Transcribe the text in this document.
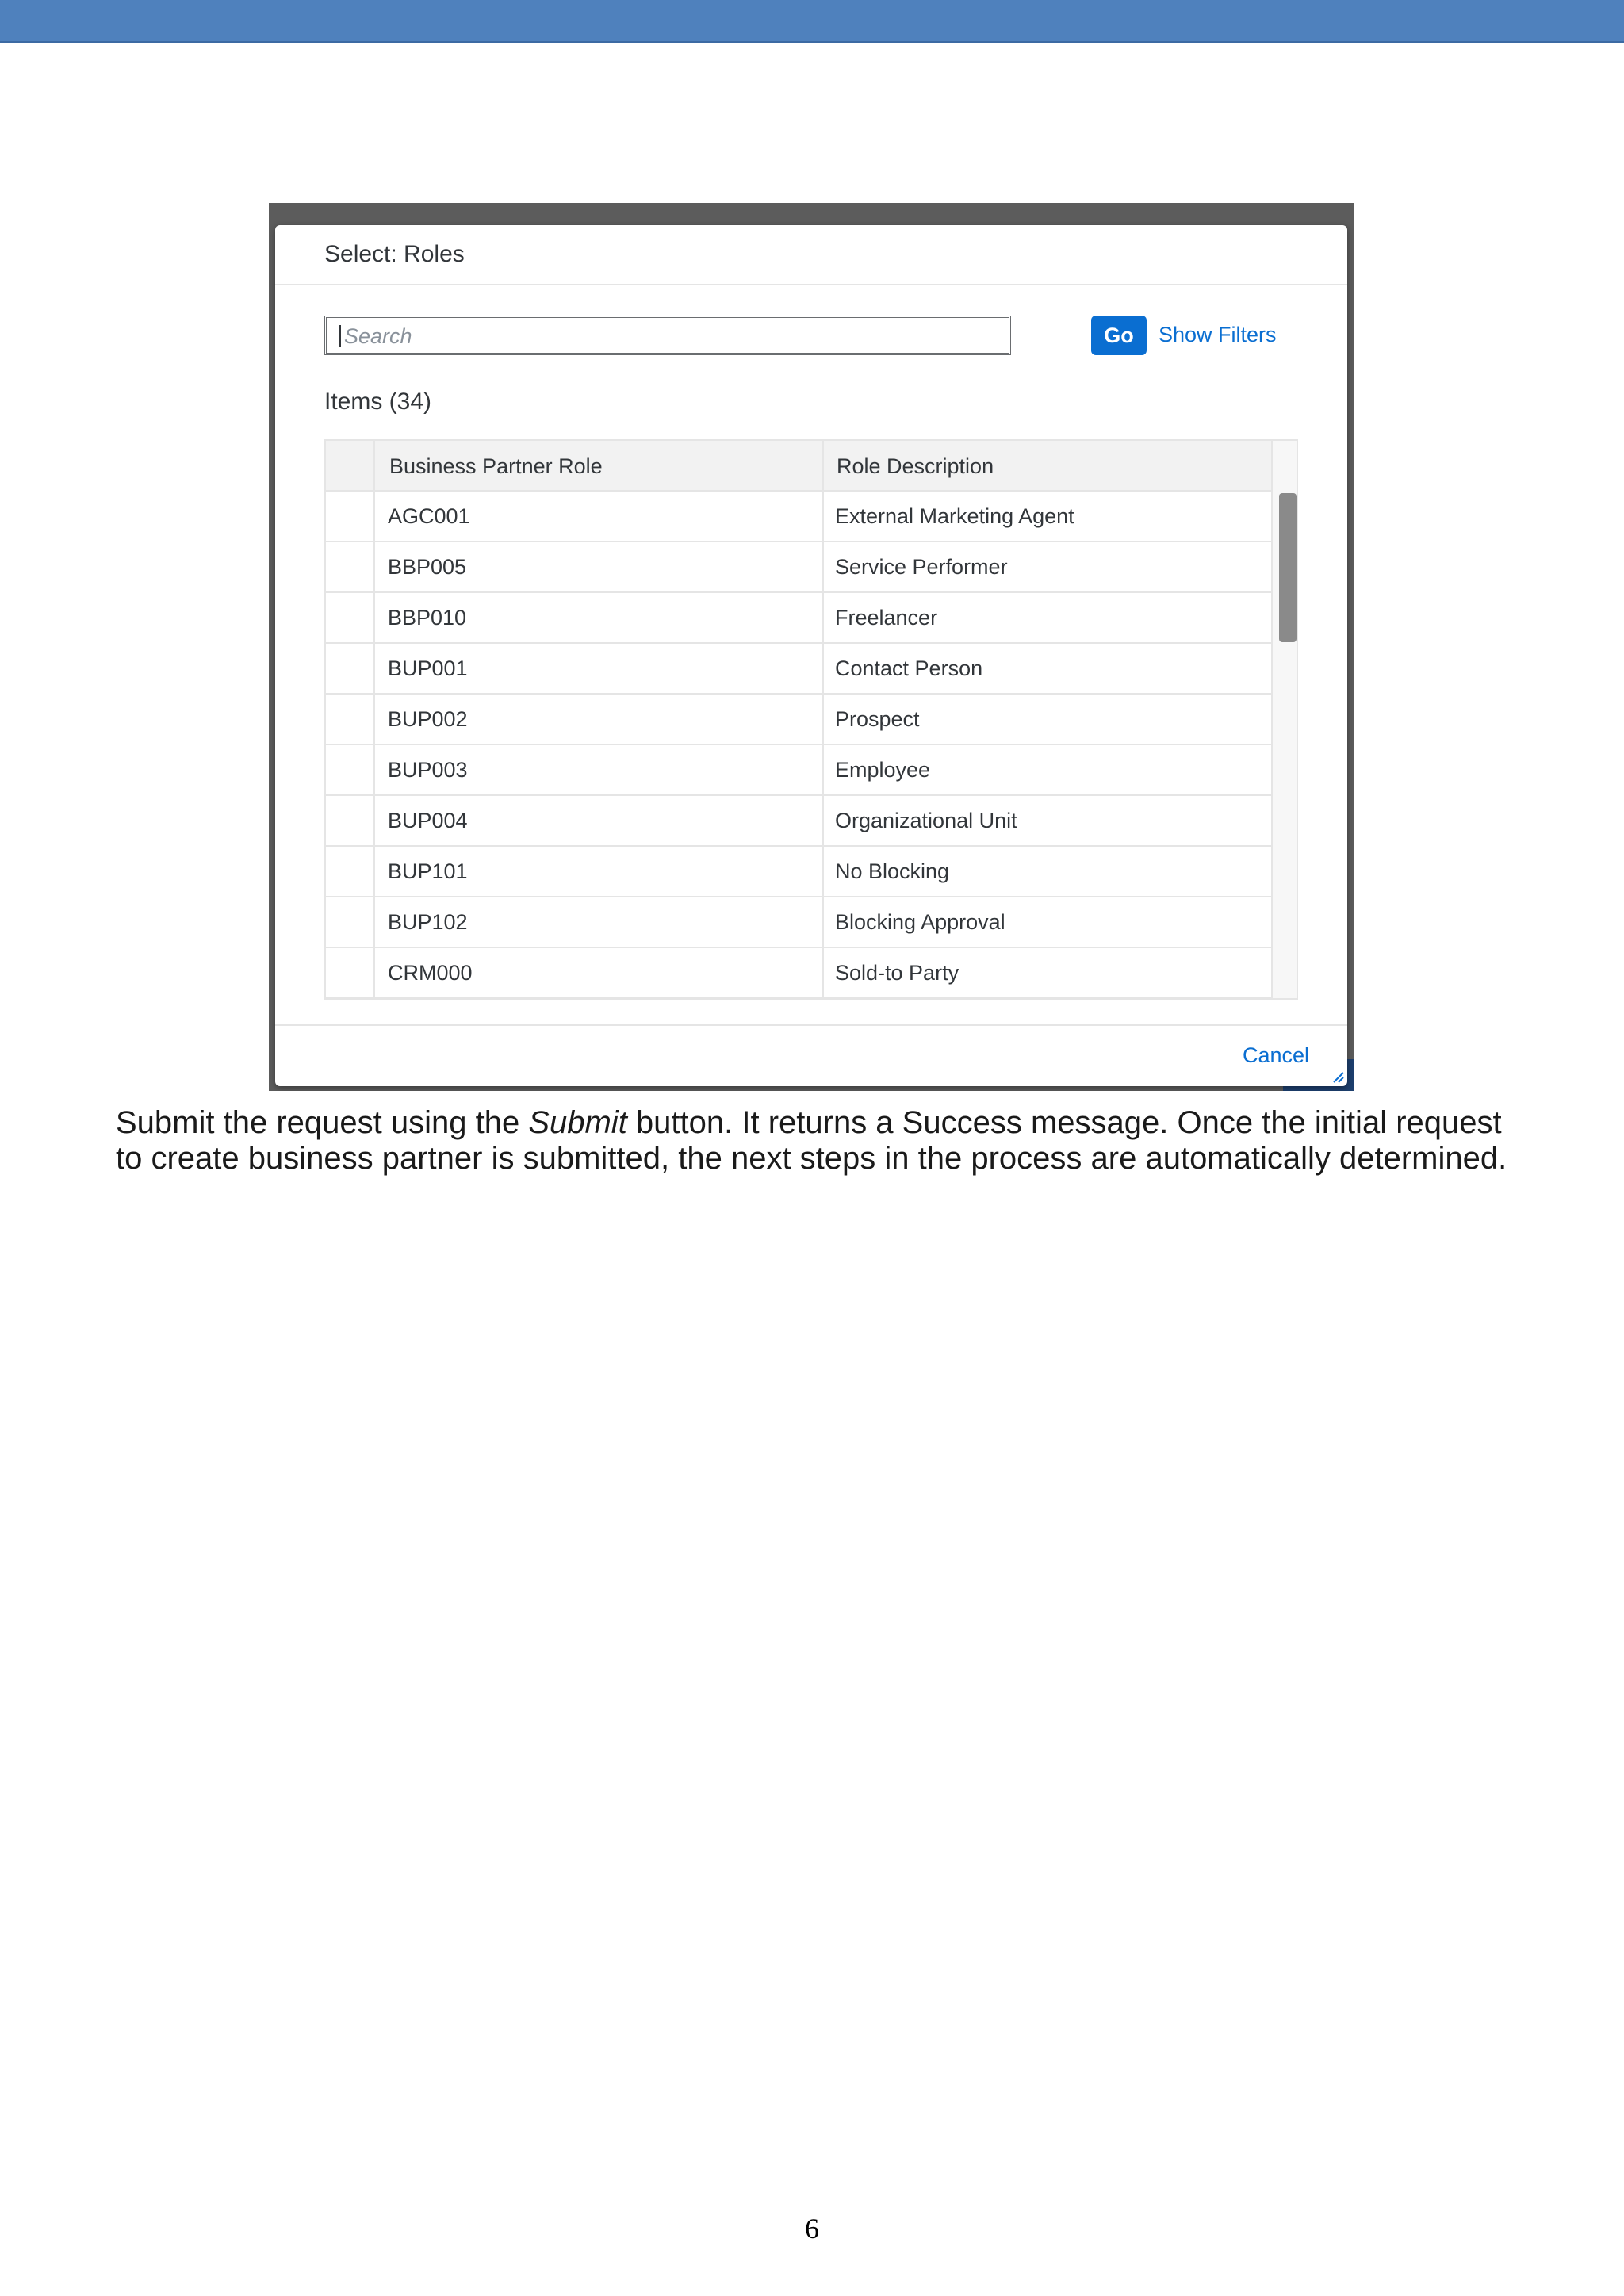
Select: Roles
Search
Go	Show Filters
Items (34)
Business Partner Role	Role Description
AGC001	External Marketing Agent
BBP005	Service Performer
BBP010	Freelancer
BUP001	Contact Person
BUP002	Prospect
BUP003	Employee
BUP004	Organizational Unit
BUP101	No Blocking
BUP102	Blocking Approval
CRM000	Sold-to Party
Cancel
Submit the request using the Submit button. It returns a Success message. Once the initial request to create business partner is submitted, the next steps in the process are automatically determined.
6
